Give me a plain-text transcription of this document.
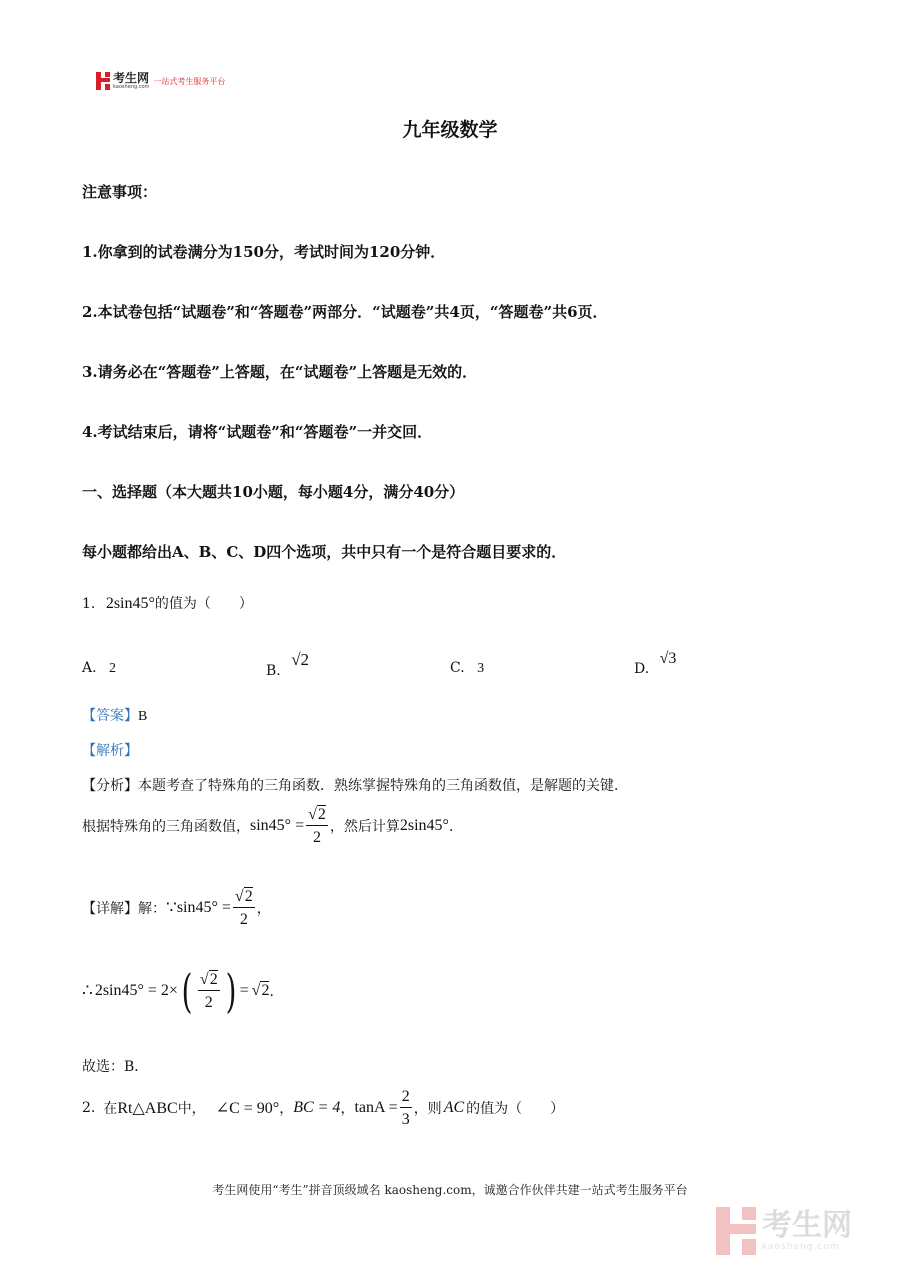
考生网
kaosheng.com
一站式考生服务平台
九年级数学
注意事项：
1.你拿到的试卷满分为150分，考试时间为120分钟．
2.本试卷包括“试题卷”和“答题卷”两部分．“试题卷”共4页，“答题卷”共6页．
3.请务必在“答题卷”上答题，在“试题卷”上答题是无效的．
4.考试结束后，请将“试题卷”和“答题卷”一并交回．
一、选择题（本大题共10小题，每小题4分，满分40分）
每小题都给出A、B、C、D四个选项，共中只有一个是符合题目要求的．
1. 2sin45°的值为（　　）
A. 2	B. √2	C. 3	D. √3
【答案】B
【解析】
【分析】本题考查了特殊角的三角函数．熟练掌握特殊角的三角函数值，是解题的关键．
根据特殊角的三角函数值， $\sin 45^\circ = \frac{√2}{2}$ ，然后计算 2sin45° ．
【详解】 解： ∵ $\sin 45^\circ = \frac{√2}{2}$ ，
∴ 2sin45° = 2× ( $\frac{√2}{2}$ ) = √2 ．
故选：B．
2. 在 Rt△ABC 中， ∠C = 90° ， BC = 4 ， $\tan A = \frac{2}{3}$ ，则 AC 的值为（　　）
考生网使用“考生”拼音顶级域名 kaosheng.com，诚邀合作伙伴共建一站式考生服务平台
考生网
kaosheng.com
